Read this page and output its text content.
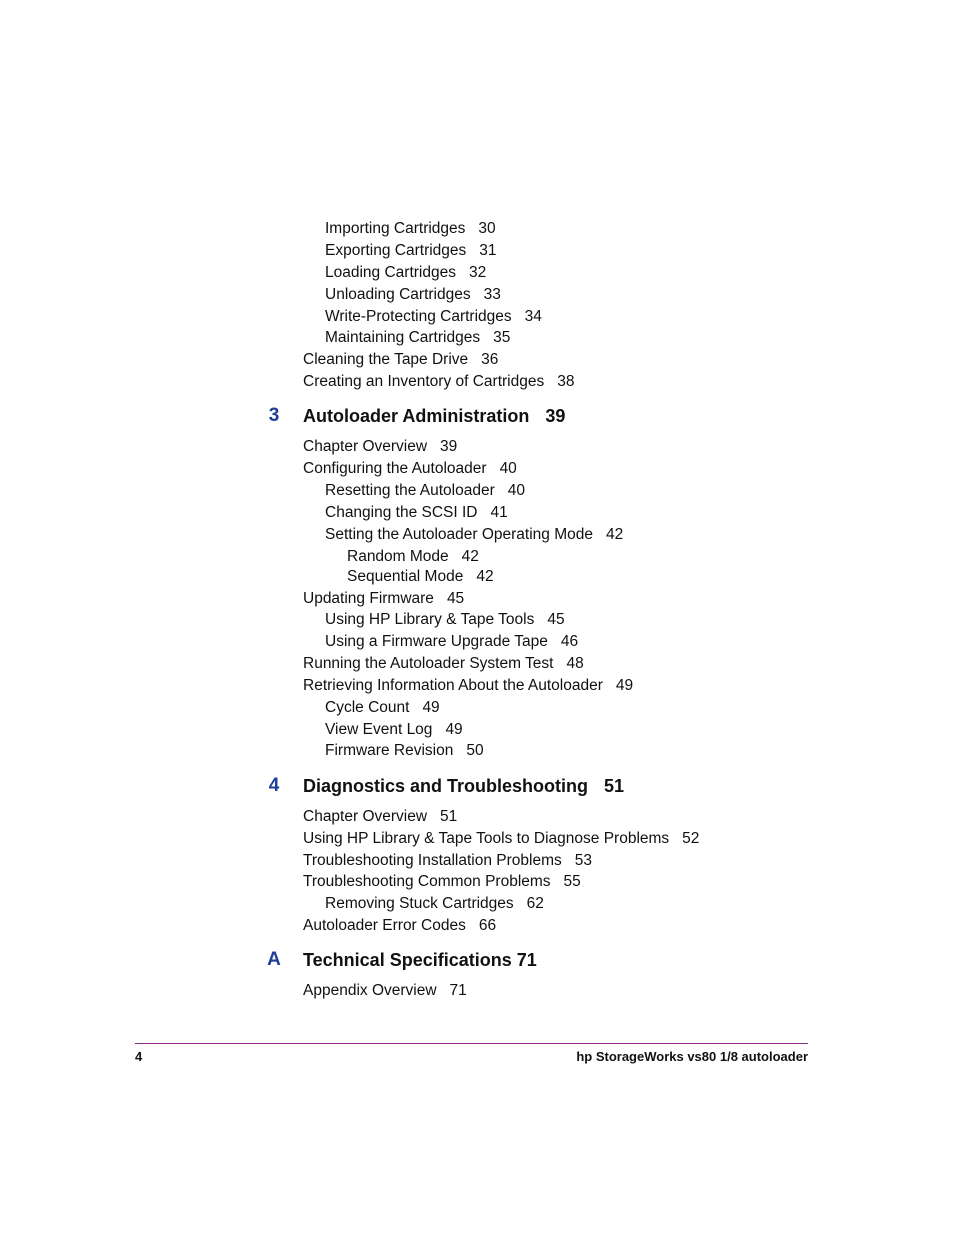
Importing Cartridges 30
Exporting Cartridges 31
Loading Cartridges 32
Unloading Cartridges 33
Write-Protecting Cartridges 34
Maintaining Cartridges 35
Cleaning the Tape Drive 36
Creating an Inventory of Cartridges 38
3	Autoloader Administration 39
Chapter Overview 39
Configuring the Autoloader 40
Resetting the Autoloader 40
Changing the SCSI ID 41
Setting the Autoloader Operating Mode 42
Random Mode 42
Sequential Mode 42
Updating Firmware 45
Using HP Library & Tape Tools 45
Using a Firmware Upgrade Tape 46
Running the Autoloader System Test 48
Retrieving Information About the Autoloader 49
Cycle Count 49
View Event Log 49
Firmware Revision 50
4	Diagnostics and Troubleshooting 51
Chapter Overview 51
Using HP Library & Tape Tools to Diagnose Problems 52
Troubleshooting Installation Problems 53
Troubleshooting Common Problems 55
Removing Stuck Cartridges 62
Autoloader Error Codes 66
A Technical Specifications 71
Appendix Overview 71
4	hp StorageWorks vs80 1/8 autoloader
